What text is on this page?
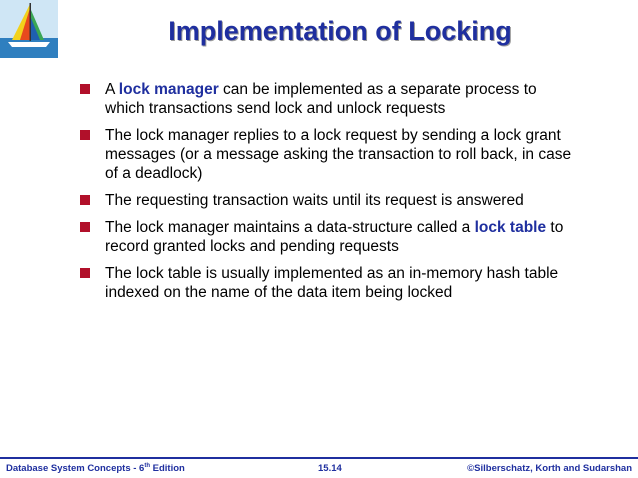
Implementation of Locking
A lock manager can be implemented as a separate process to which transactions send lock and unlock requests
The lock manager replies to a lock request by sending a lock grant messages (or a message asking the transaction to roll back, in case of a deadlock)
The requesting transaction waits until its request is answered
The lock manager maintains a data-structure called a lock table to record granted locks and pending requests
The lock table is usually implemented as an in-memory hash table indexed on the name of the data item being locked
Database System Concepts - 6th Edition	15.14	©Silberschatz, Korth and Sudarshan
